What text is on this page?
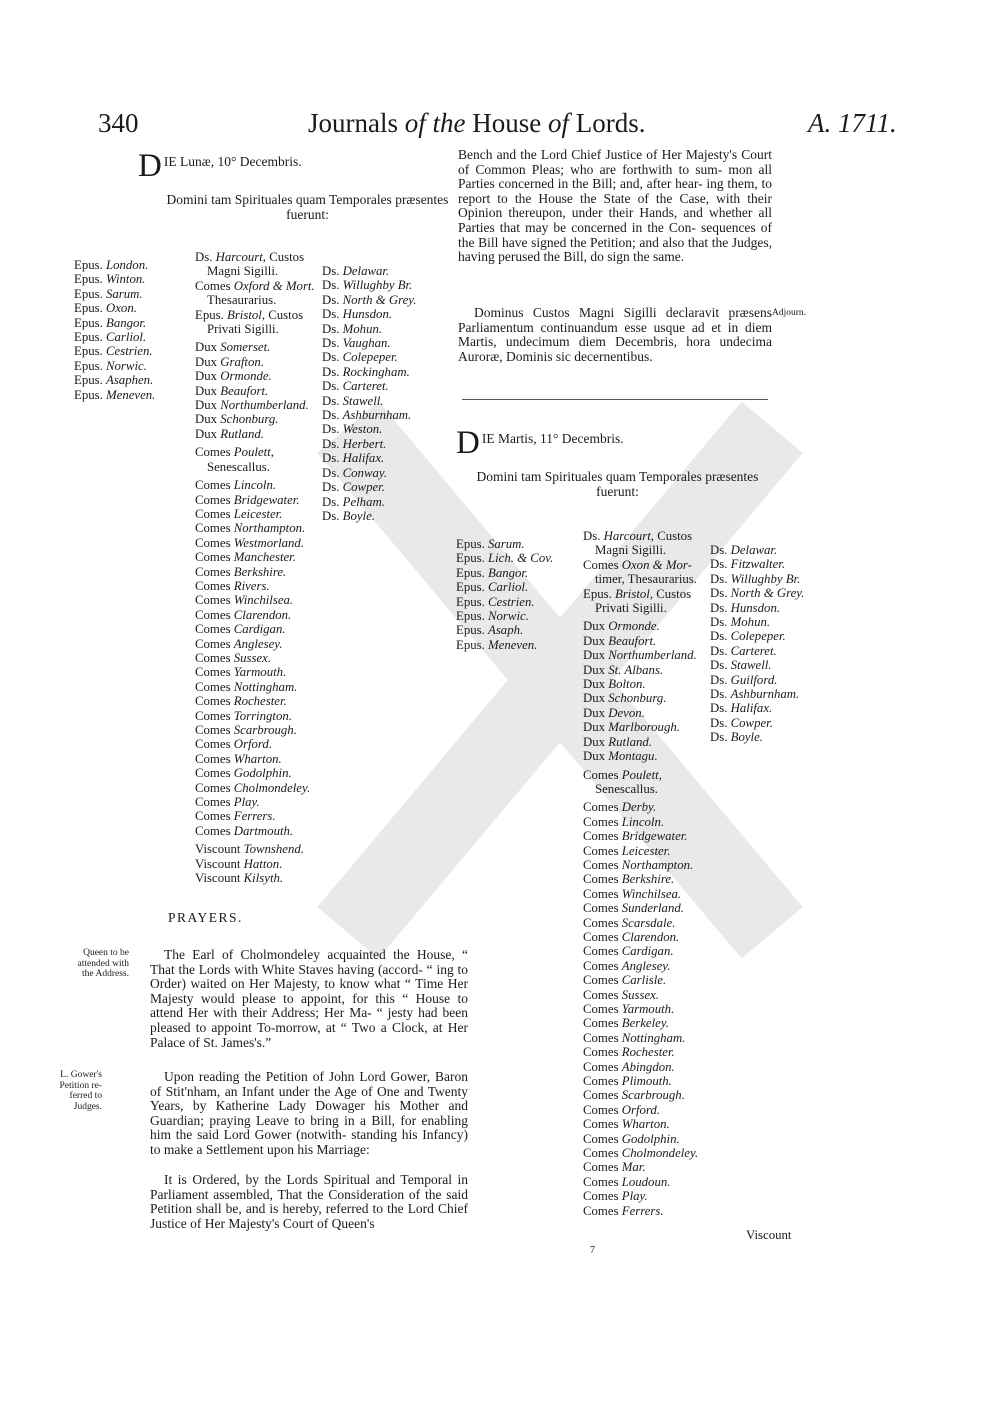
340	Journals of the House of Lords.	A. 1711.
D IE Lunæ, 10° Decembris.
Domini tam Spirituales quam Temporales præsentes
fuerunt:
Epus. London.
Epus. Winton.
Epus. Sarum.
Epus. Oxon.
Epus. Bangor.
Epus. Carliol.
Epus. Cestrien.
Epus. Norwic.
Epus. Asaphen.
Epus. Meneven.
Ds. Harcourt, Custos
Magni Sigilli.
Comes Oxford & Mort.
Thesaurarius.
Epus. Bristol, Custos
Privati Sigilli.
Dux Somerset.
Dux Grafton.
Dux Ormonde.
Dux Beaufort.
Dux Northumberland.
Dux Schonburg.
Dux Rutland.
Comes Poulett,
Senescallus.
Comes Lincoln.
Comes Bridgewater.
Comes Leicester.
Comes Northampton.
Comes Westmorland.
Comes Manchester.
Comes Berkshire.
Comes Rivers.
Comes Winchilsea.
Comes Clarendon.
Comes Cardigan.
Comes Anglesey.
Comes Sussex.
Comes Yarmouth.
Comes Nottingham.
Comes Rochester.
Comes Torrington.
Comes Scarbrough.
Comes Orford.
Comes Wharton.
Comes Godolphin.
Comes Cholmondeley.
Comes Play.
Comes Ferrers.
Comes Dartmouth.
Viscount Townshend.
Viscount Hatton.
Viscount Kilsyth.
Ds. Delawar.
Ds. Willughby Br.
Ds. North & Grey.
Ds. Hunsdon.
Ds. Mohun.
Ds. Vaughan.
Ds. Colepeper.
Ds. Rockingham.
Ds. Carteret.
Ds. Stawell.
Ds. Ashburnham.
Ds. Weston.
Ds. Herbert.
Ds. Halifax.
Ds. Conway.
Ds. Cowper.
Ds. Pelham.
Ds. Boyle.
PRAYERS.
Queen to be
attended with
the Address.
L. Gower's
Petition re-
ferred to
Judges.
Adjourn.
The Earl of Cholmondeley acquainted the House, “ That the Lords with White Staves having (accord- “ ing to Order) waited on Her Majesty, to know what “ Time Her Majesty would please to appoint, for this “ House to attend Her with their Address; Her Ma- “ jesty had been pleased to appoint To-morrow, at “ Two a Clock, at Her Palace of St. James's.”
Upon reading the Petition of John Lord Gower, Baron of Stit'nham, an Infant under the Age of One and Twenty Years, by Katherine Lady Dowager his Mother and Guardian; praying Leave to bring in a Bill, for enabling him the said Lord Gower (notwith- standing his Infancy) to make a Settlement upon his Marriage:
It is Ordered, by the Lords Spiritual and Temporal in Parliament assembled, That the Consideration of the said Petition shall be, and is hereby, referred to the Lord Chief Justice of Her Majesty's Court of Queen's
Bench and the Lord Chief Justice of Her Majesty's Court of Common Pleas; who are forthwith to sum- mon all Parties concerned in the Bill; and, after hear- ing them, to report to the House the State of the Case, with their Opinion thereupon, under their Hands, and whether all Parties that may be concerned in the Con- sequences of the Bill have signed the Petition; and also that the Judges, having perused the Bill, do sign the same.
Dominus Custos Magni Sigilli declaravit præsens Parliamentum continuandum esse usque ad et in diem Martis, undecimum diem Decembris, hora undecima Auroræ, Dominis sic decernentibus.
D IE Martis, 11° Decembris.
Domini tam Spirituales quam Temporales præsentes
fuerunt:
Epus. Sarum.
Epus. Lich. & Cov.
Epus. Bangor.
Epus. Carliol.
Epus. Cestrien.
Epus. Norwic.
Epus. Asaph.
Epus. Meneven.
Ds. Harcourt, Custos
Magni Sigilli.
Comes Oxon & Mor-
timer, Thesaurarius.
Epus. Bristol, Custos
Privati Sigilli.
Dux Ormonde.
Dux Beaufort.
Dux Northumberland.
Dux St. Albans.
Dux Bolton.
Dux Schonburg.
Dux Devon.
Dux Marlborough.
Dux Rutland.
Dux Montagu.
Comes Poulett,
Senescallus.
Comes Derby.
Comes Lincoln.
Comes Bridgewater.
Comes Leicester.
Comes Northampton.
Comes Berkshire.
Comes Winchilsea.
Comes Sunderland.
Comes Scarsdale.
Comes Clarendon.
Comes Cardigan.
Comes Anglesey.
Comes Carlisle.
Comes Sussex.
Comes Yarmouth.
Comes Berkeley.
Comes Nottingham.
Comes Rochester.
Comes Abingdon.
Comes Plimouth.
Comes Scarbrough.
Comes Orford.
Comes Wharton.
Comes Godolphin.
Comes Cholmondeley.
Comes Mar.
Comes Loudoun.
Comes Play.
Comes Ferrers.
Ds. Delawar.
Ds. Fitzwalter.
Ds. Willughby Br.
Ds. North & Grey.
Ds. Hunsdon.
Ds. Mohun.
Ds. Colepeper.
Ds. Carteret.
Ds. Stawell.
Ds. Guilford.
Ds. Ashburnham.
Ds. Halifax.
Ds. Cowper.
Ds. Boyle.
Viscount
7
